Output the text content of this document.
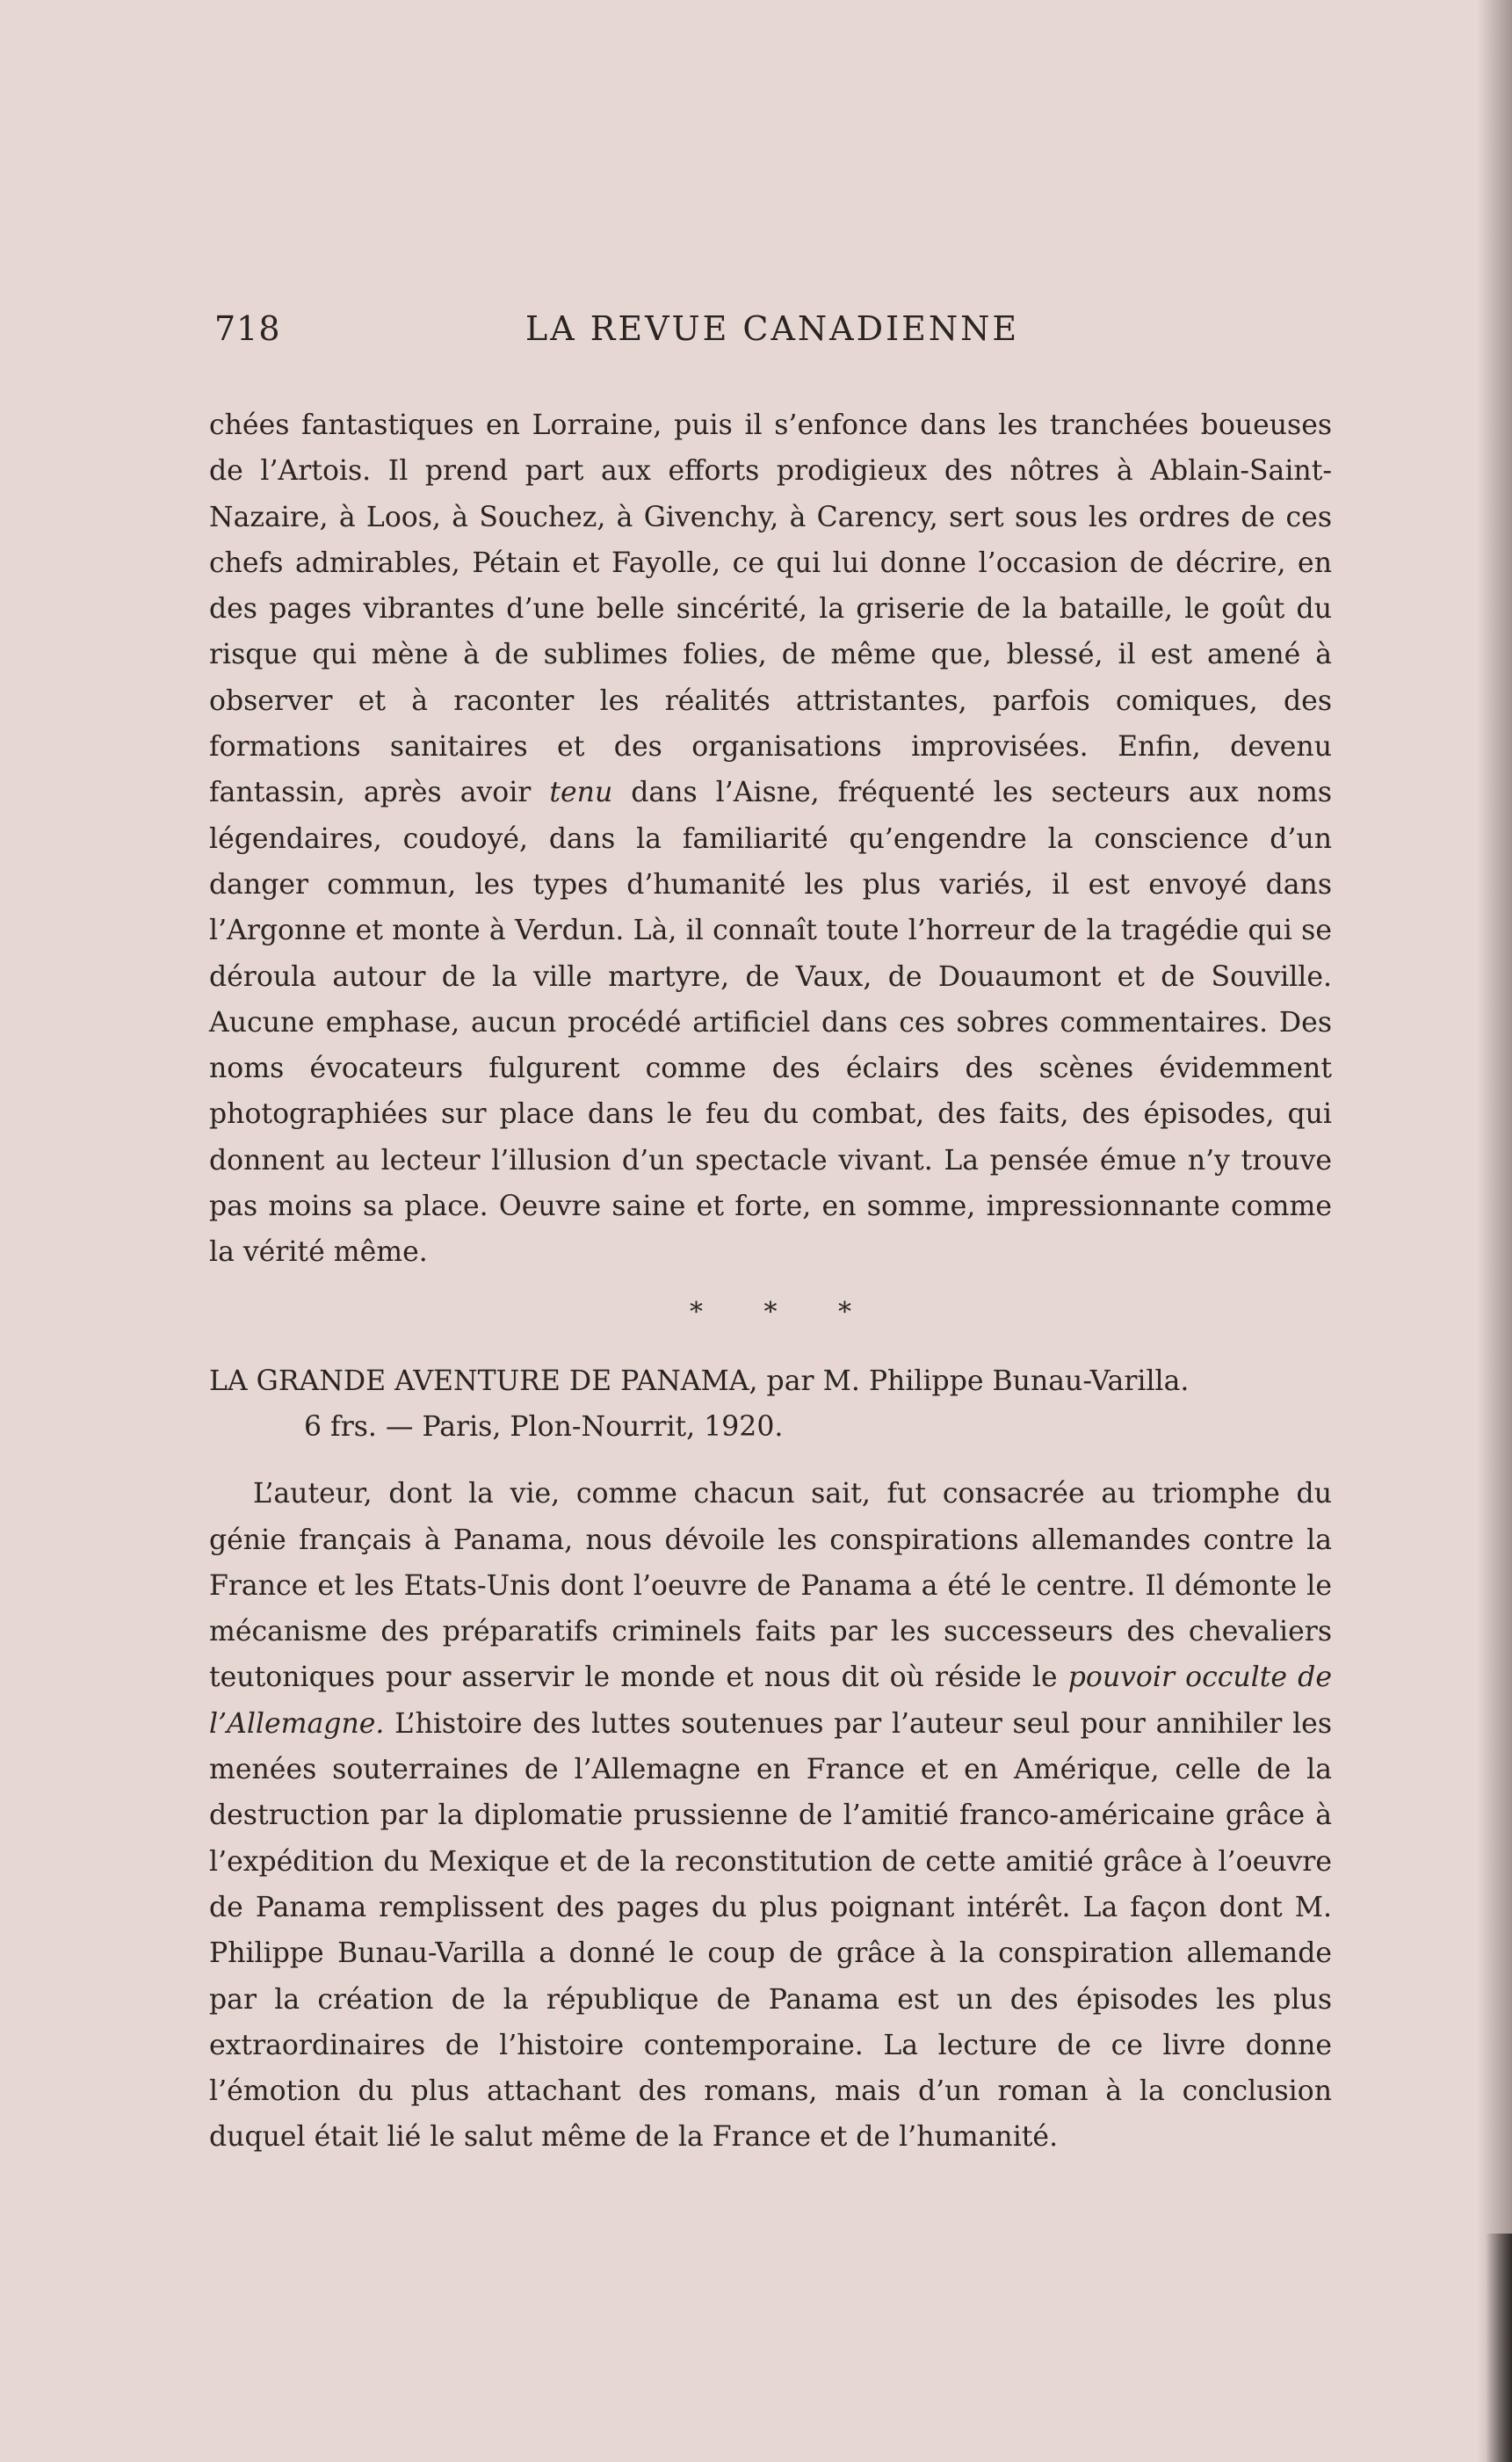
718	LA REVUE CANADIENNE

chées fantastiques en Lorraine, puis il s’enfonce dans les tranchées boueuses de l’Artois. Il prend part aux efforts prodigieux des nôtres à Ablain-Saint-Nazaire, à Loos, à Souchez, à Givenchy, à Carency, sert sous les ordres de ces chefs admirables, Pétain et Fayolle, ce qui lui donne l’occasion de décrire, en des pages vibrantes d’une belle sincérité, la griserie de la bataille, le goût du risque qui mène à de sublimes folies, de même que, blessé, il est amené à observer et à raconter les réalités attristantes, parfois comiques, des formations sanitaires et des organisations improvisées. Enfin, devenu fantassin, après avoir tenu dans l’Aisne, fréquenté les secteurs aux noms légendaires, coudoyé, dans la familiarité qu’engendre la conscience d’un danger commun, les types d’humanité les plus variés, il est envoyé dans l’Argonne et monte à Verdun. Là, il connaît toute l’horreur de la tragédie qui se déroula autour de la ville martyre, de Vaux, de Douaumont et de Souville. Aucune emphase, aucun procédé artificiel dans ces sobres commentaires. Des noms évocateurs fulgurent comme des éclairs des scènes évidemment photographiées sur place dans le feu du combat, des faits, des épisodes, qui donnent au lecteur l’illusion d’un spectacle vivant. La pensée émue n’y trouve pas moins sa place. Oeuvre saine et forte, en somme, impressionnante comme la vérité même.

* * *

LA GRANDE AVENTURE DE PANAMA, par M. Philippe Bunau-Varilla.

6 frs. — Paris, Plon-Nourrit, 1920.

L’auteur, dont la vie, comme chacun sait, fut consacrée au triomphe du génie français à Panama, nous dévoile les conspirations allemandes contre la France et les Etats-Unis dont l’oeuvre de Panama a été le centre. Il démonte le mécanisme des préparatifs criminels faits par les successeurs des chevaliers teutoniques pour asservir le monde et nous dit où réside le pouvoir occulte de l’Allemagne. L’histoire des luttes soutenues par l’auteur seul pour annihiler les menées souterraines de l’Allemagne en France et en Amérique, celle de la destruction par la diplomatie prussienne de l’amitié franco-américaine grâce à l’expédition du Mexique et de la reconstitution de cette amitié grâce à l’oeuvre de Panama remplissent des pages du plus poignant intérêt. La façon dont M. Philippe Bunau-Varilla a donné le coup de grâce à la conspiration allemande par la création de la république de Panama est un des épisodes les plus extraordinaires de l’histoire contemporaine. La lecture de ce livre donne l’émotion du plus attachant des romans, mais d’un roman à la conclusion duquel était lié le salut même de la France et de l’humanité.
